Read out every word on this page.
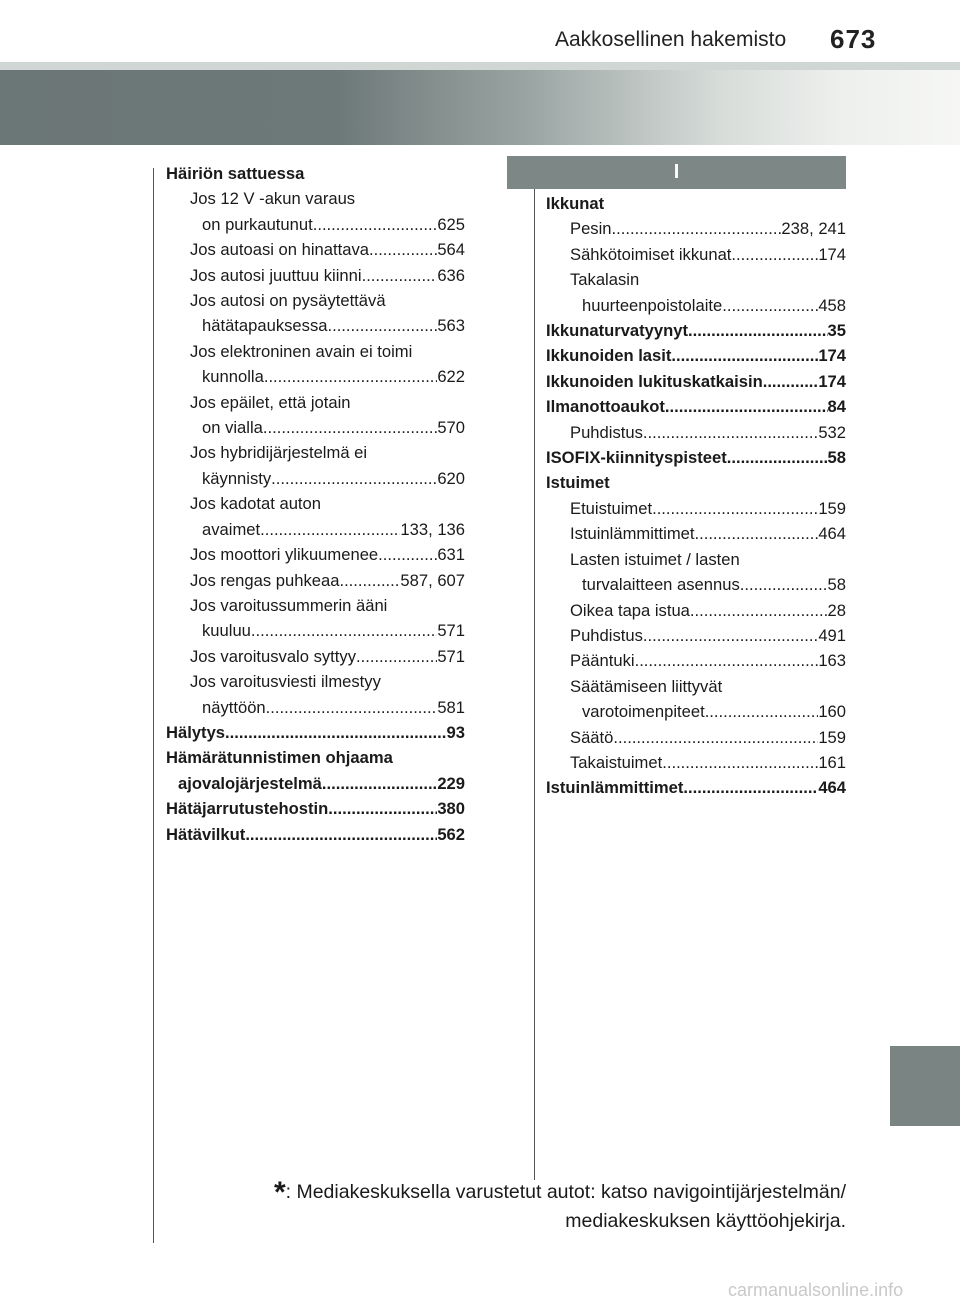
Aakkosellinen hakemisto 673
Häiriön sattuessa
Jos 12 V -akun varaus
on purkautunut .....	625
Jos autoasi on hinattava .....	564
Jos autosi juuttuu kiinni .....	636
Jos autosi on pysäytettävä
hätätapauksessa .....	563
Jos elektroninen avain ei toimi
kunnolla .....	622
Jos epäilet, että jotain
on vialla .....	570
Jos hybridijärjestelmä ei
käynnisty .....	620
Jos kadotat auton
avaimet .....	133, 136
Jos moottori ylikuumenee .....	631
Jos rengas puhkeaa .....	587, 607
Jos varoitussummerin ääni
kuuluu .....	571
Jos varoitusvalo syttyy .....	571
Jos varoitusviesti ilmestyy
näyttöön .....	581
Hälytys .....	93
Hämärätunnistimen ohjaama
ajovalojärjestelmä .....	229
Hätäjarrutustehostin .....	380
Hätävilkut .....	562
I
Ikkunat
Pesin .....	238, 241
Sähkötoimiset ikkunat .....	174
Takalasin
huurteenpoistolaite .....	458
Ikkunaturvatyynyt .....	35
Ikkunoiden lasit .....	174
Ikkunoiden lukituskatkaisin .....	174
Ilmanottoaukot .....	84
Puhdistus .....	532
ISOFIX-kiinnityspisteet .....	58
Istuimet
Etuistuimet .....	159
Istuinlämmittimet .....	464
Lasten istuimet / lasten
turvalaitteen asennus .....	58
Oikea tapa istua .....	28
Puhdistus .....	491
Pääntuki .....	163
Säätämiseen liittyvät
varotoimenpiteet .....	160
Säätö .....	159
Takaistuimet .....	161
Istuinlämmittimet .....	464
*: Mediakeskuksella varustetut autot: katso navigointijärjestelmän/
mediakeskuksen käyttöohjekirja.
carmanualsonline.info
